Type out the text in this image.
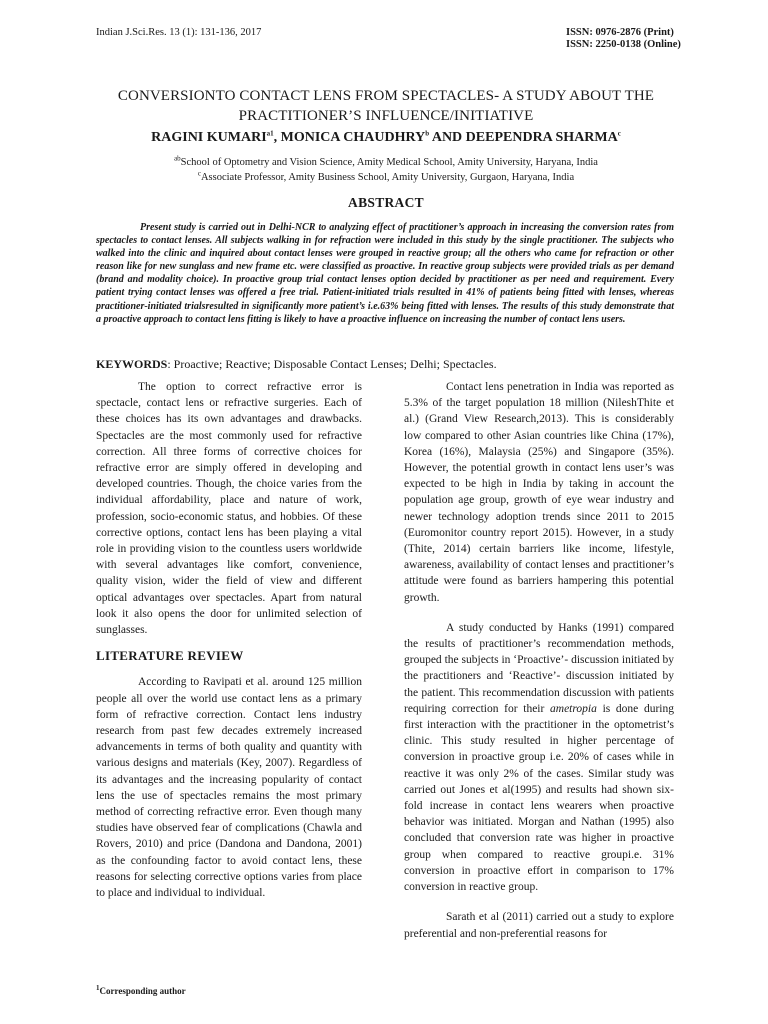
Indian J.Sci.Res. 13 (1): 131-136, 2017	ISSN: 0976-2876 (Print)
ISSN: 2250-0138 (Online)
CONVERSIONTO CONTACT LENS FROM SPECTACLES- A STUDY ABOUT THE PRACTITIONER’S INFLUENCE/INITIATIVE
RAGINI $KUMARI^{a1}$, MONICA CHAUDHRY$^b$ AND DEEPENDRA SHARMA$^c$
$^{ab}$School of Optometry and Vision Science, Amity Medical School, Amity University, Haryana, India
$^c$Associate Professor, Amity Business School, Amity University, Gurgaon, Haryana, India
ABSTRACT

Present study is carried out in Delhi-NCR to analyzing effect of practitioner’s approach in increasing the conversion rates from spectacles to contact lenses. All subjects walking in for refraction were included in this study by the single practitioner. The subjects who walked into the clinic and inquired about contact lenses were grouped in reactive group; all the others who came for refraction or other reason like for new sunglass and new frame etc. were classified as proactive. In reactive group subjects were provided trials as per demand (brand and modality choice). In proactive group trial contact lenses option decided by practitioner as per need and requirement. Every patient trying contact lenses was offered a free trial. Patient-initiated trials resulted in 41% of patients being fitted with lenses, whereas practitioner-initiated trialsresulted in significantly more patient’s i.e.63% being fitted with lenses. The results of this study demonstrate that a proactive approach to contact lens fitting is likely to have a proactive influence on increasing the number of contact lens users.

KEYWORDS: Proactive; Reactive; Disposable Contact Lenses; Delhi; Spectacles.

The option to correct refractive error is spectacle, contact lens or refractive surgeries. Each of these choices has its own advantages and drawbacks. Spectacles are the most commonly used for refractive correction. All three forms of corrective choices for refractive error are simply offered in developing and developed countries. Though, the choice varies from the individual affordability, place and nature of work, profession, socio-economic status, and hobbies. Of these corrective options, contact lens has been playing a vital role in providing vision to the countless users worldwide with several advantages like comfort, convenience, quality vision, wider the field of view and different optical advantages over spectacles. Apart from natural look it also opens the door for unlimited selection of sunglasses.

LITERATURE REVIEW

According to Ravipati et al. around 125 million people all over the world use contact lens as a primary form of refractive correction. Contact lens industry research from past few decades extremely increased advancements in terms of both quality and quantity with various designs and materials (Key, 2007). Regardless of its advantages and the increasing popularity of contact lens the use of spectacles remains the most primary method of correcting refractive error. Even though many studies have observed fear of complications (Chawla and Rovers, 2010) and price (Dandona and Dandona, 2001) as the confounding factor to avoid contact lens, these reasons for selecting corrective options varies from place to place and individual to individual.

Contact lens penetration in India was reported as 5.3% of the target population 18 million (NileshThite et al.) (Grand View Research,2013). This is considerably low compared to other Asian countries like China (17%), Korea (16%), Malaysia (25%) and Singapore (35%). However, the potential growth in contact lens user’s was expected to be high in India by taking in account the population age group, growth of eye wear industry and newer technology adoption trends since 2011 to 2015 (Euromonitor country report 2015). However, in a study (Thite, 2014) certain barriers like income, lifestyle, awareness, availability of contact lenses and practitioner’s attitude were found as barriers hampering this potential growth.

A study conducted by Hanks (1991) compared the results of practitioner’s recommendation methods, grouped the subjects in ‘Proactive’- discussion initiated by the practitioners and ‘Reactive’- discussion initiated by the patient. This recommendation discussion with patients requiring correction for their ametropia is done during first interaction with the practitioner in the optometrist’s clinic. This study resulted in higher percentage of conversion in proactive group i.e. 20% of cases while in reactive it was only 2% of the cases. Similar study was carried out Jones et al(1995) and results had shown six-fold increase in contact lens wearers when proactive behavior was initiated. Morgan and Nathan (1995) also concluded that conversion rate was higher in proactive group when compared to reactive groupi.e. 31% conversion in proactive effort in comparison to 17% conversion in reactive group.

Sarath et al (2011) carried out a study to explore preferential and non-preferential reasons for

$^1$Corresponding author
